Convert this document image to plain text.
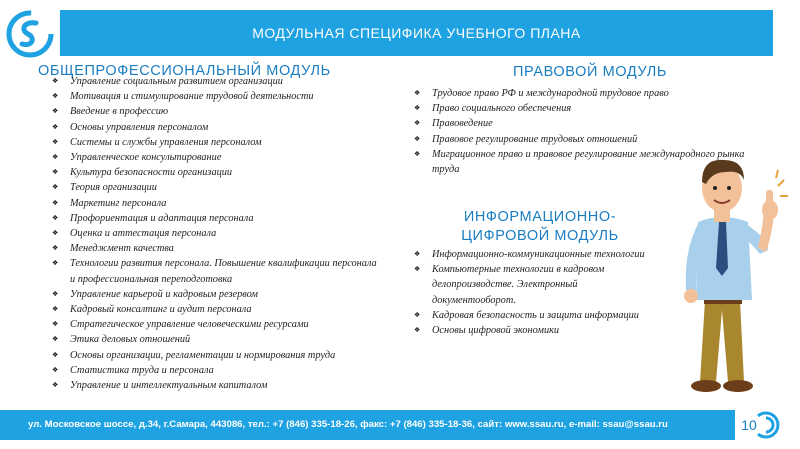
МОДУЛЬНАЯ СПЕЦИФИКА УЧЕБНОГО ПЛАНА
ОБЩЕПРОФЕССИОНАЛЬНЫЙ МОДУЛЬ
❖ Управление социальным развитием организации
❖ Мотивация и стимулирование трудовой деятельности
❖ Введение в профессию
❖ Основы управления персоналом
❖ Системы и службы управления персоналом
❖ Управленческое консультирование
❖ Культура безопасности организации
❖ Теория организации
❖ Маркетинг персонала
❖ Профориентация и адаптация персонала
❖ Оценка и аттестация персонала
❖ Менеджмент качества
❖ Технологии развития персонала. Повышение квалификации персонала и профессиональная переподготовка
❖ Управление карьерой и кадровым резервом
❖ Кадровый консалтинг и аудит персонала
❖ Стратегическое управление человеческими ресурсами
❖ Этика деловых отношений
❖ Основы организации, регламентации и нормирования труда
❖ Статистика труда и персонала
❖ Управление и интеллектуальным капиталом
ПРАВОВОЙ МОДУЛЬ
❖ Трудовое право РФ и международной трудовое право
❖ Право социального обеспечения
❖ Правоведение
❖ Правовое регулирование трудовых отношений
❖ Миграционное право и правовое регулирование международного рынка труда
ИНФОРМАЦИОННО-ЦИФРОВОЙ МОДУЛЬ
❖ Информационно-коммуникационные технологии
❖ Компьютерные технологии в кадровом делопроизводстве. Электронный документооборот.
❖ Кадровая безопасность и защита информации
❖ Основы цифровой экономики
ул. Московское шоссе, д.34, г.Самара, 443086, тел.: +7 (846) 335-18-26, факс: +7 (846) 335-18-36, сайт: www.ssau.ru, e-mail: ssau@ssau.ru	10
